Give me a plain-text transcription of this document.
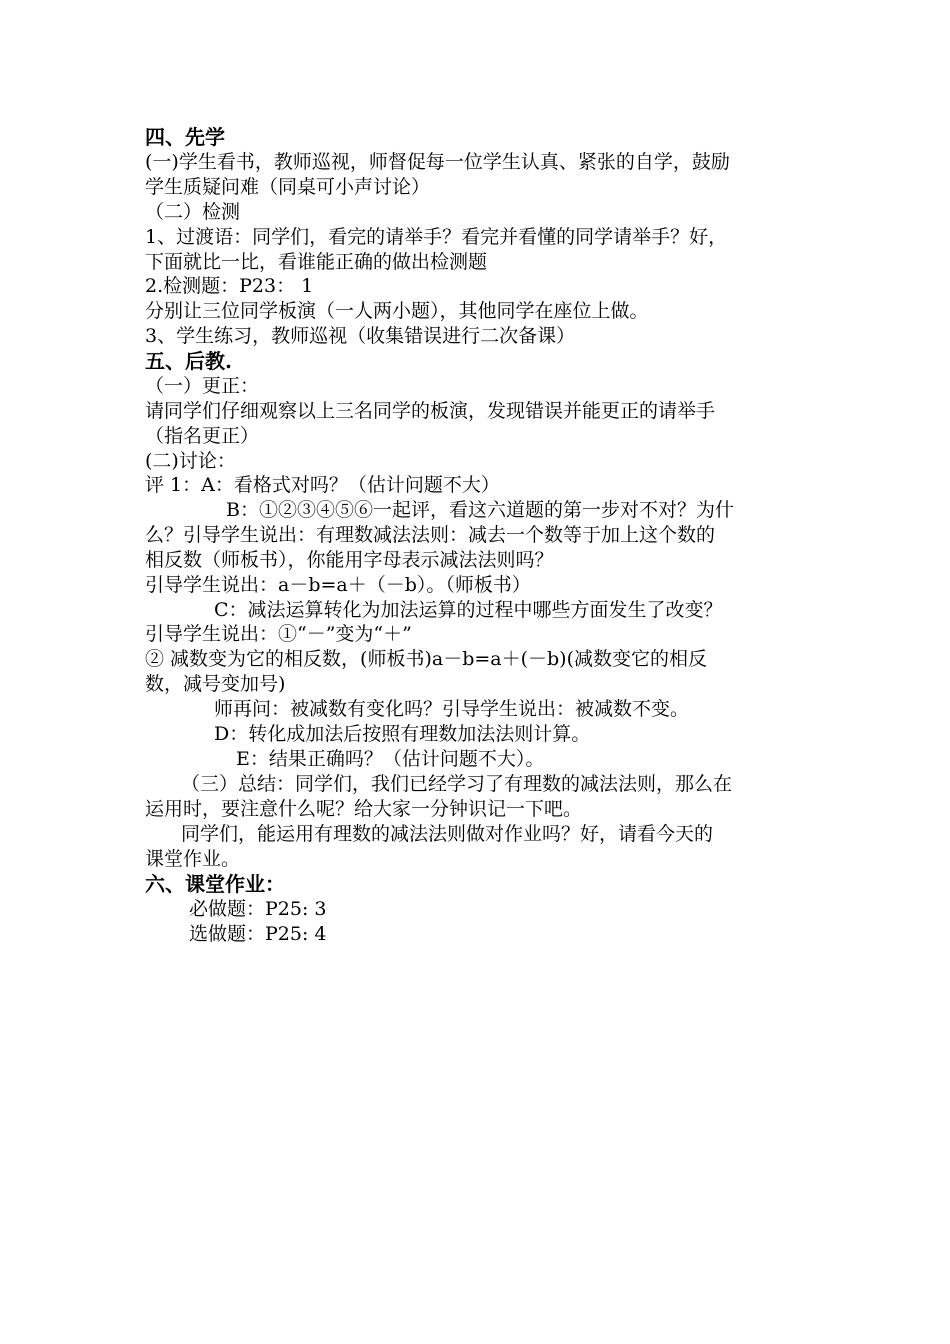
四、先学
(一)学生看书，教师巡视，师督促每一位学生认真、紧张的自学，鼓励
学生质疑问难（同桌可小声讨论）
（二）检测
1、过渡语：同学们，看完的请举手？看完并看懂的同学请举手？好，
下面就比一比，看谁能正确的做出检测题
2.检测题：P23： 1
分别让三位同学板演（一人两小题），其他同学在座位上做。
3、学生练习，教师巡视（收集错误进行二次备课）
五、后教.
（一）更正：
请同学们仔细观察以上三名同学的板演，发现错误并能更正的请举手
（指名更正）
(二)讨论：
评 1：A：看格式对吗？（估计问题不大）
B：①②③④⑤⑥一起评，看这六道题的第一步对不对？为什
么？引导学生说出：有理数减法法则：减去一个数等于加上这个数的
相反数（师板书），你能用字母表示减法法则吗？
引导学生说出：a－b=a＋（－b）。（师板书）
C：减法运算转化为加法运算的过程中哪些方面发生了改变？
引导学生说出：①“－”变为“＋”
② 减数变为它的相反数，(师板书)a－b=a＋(－b)(减数变它的相反
数，减号变加号)
师再问：被减数有变化吗？引导学生说出：被减数不变。
D：转化成加法后按照有理数加法法则计算。
E：结果正确吗？（估计问题不大）。
（三）总结：同学们，我们已经学习了有理数的减法法则，那么在
运用时，要注意什么呢？给大家一分钟识记一下吧。
同学们，能运用有理数的减法法则做对作业吗？好，请看今天的
课堂作业。
六、课堂作业：
必做题：P25: 3
选做题：P25: 4
